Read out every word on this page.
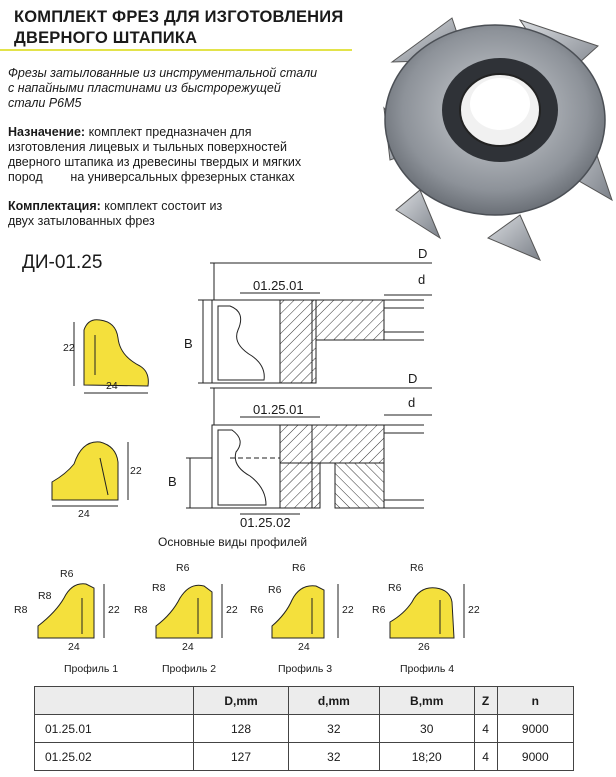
КОМПЛЕКТ ФРЕЗ ДЛЯ ИЗГОТОВЛЕНИЯ
ДВЕРНОГО ШТАПИКА
Фрезы затылованные из инструментальной стали
с напайными пластинами из быстрорежущей
стали Р6М5
Назначение: комплект предназначен для
изготовления лицевых и тыльных поверхностей
дверного штапика из древесины твердых и мягких
пород        на универсальных фрезерных станках
Комплектация: комплект состоит из
двух затылованных фрез
ДИ-01.25	D
d
01.25.01
B
D
d
01.25.01
B
01.25.02
22
24
22
24
Основные виды профилей
R6
R8
R8	22
24
Профиль 1
R6
R8
R8	22
24
Профиль 2
R6
R6
R6	22
24
Профиль 3
R6
R6
R6	22
26
Профиль 4
	D,mm	d,mm	B,mm	Z	n
01.25.01	128	32	30	4	9000
01.25.02	127	32	18;20	4	9000
